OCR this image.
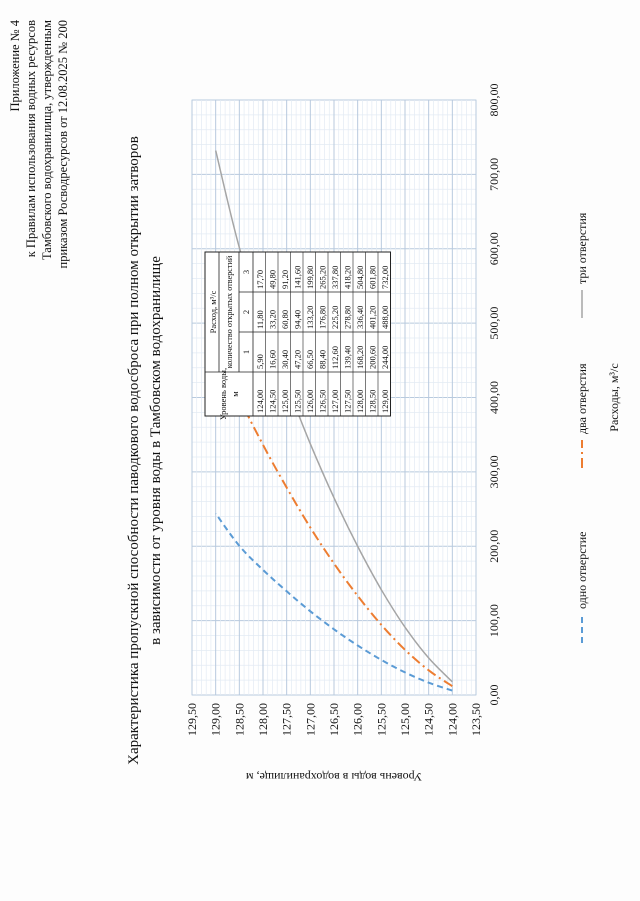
Приложение № 4 к Правилам использования водных ресурсов Тамбовского водохранилища, утвержденным приказом Росводресурсов от 12.08.2025 № 200	Характеристика пропускной способности паводкового водосброса при полном открытии затворов в зависимости от уровня воды в Тамбовском водохранилище
0,00
100,00
200,00
300,00
400,00
500,00
600,00
700,00
800,00
123,50
124,00
124,50
125,00
125,50
126,00
126,50
127,00
127,50
128,00
128,50
129,00
129,50
Расходы, м³/с
Уровень воды в водохранилище, м
Уровень воды, м
Расход, м³/с количество открытых отверстий 1
2
3
124,00
5,90
11,80
17,70
124,50
16,60
33,20
49,80
125,00
30,40
60,80
91,20
125,50
47,20
94,40
141,60
126,00
66,50
133,20
199,80
126,50
88,40
176,80
265,20
127,00
112,60
225,20
337,80
127,50
139,40
278,80
418,20
128,00
168,20
336,40
504,80
128,50
200,60
401,20
601,80
129,00
244,00
488,00
732,00
одно отверстие
два отверстия
три отверстия
